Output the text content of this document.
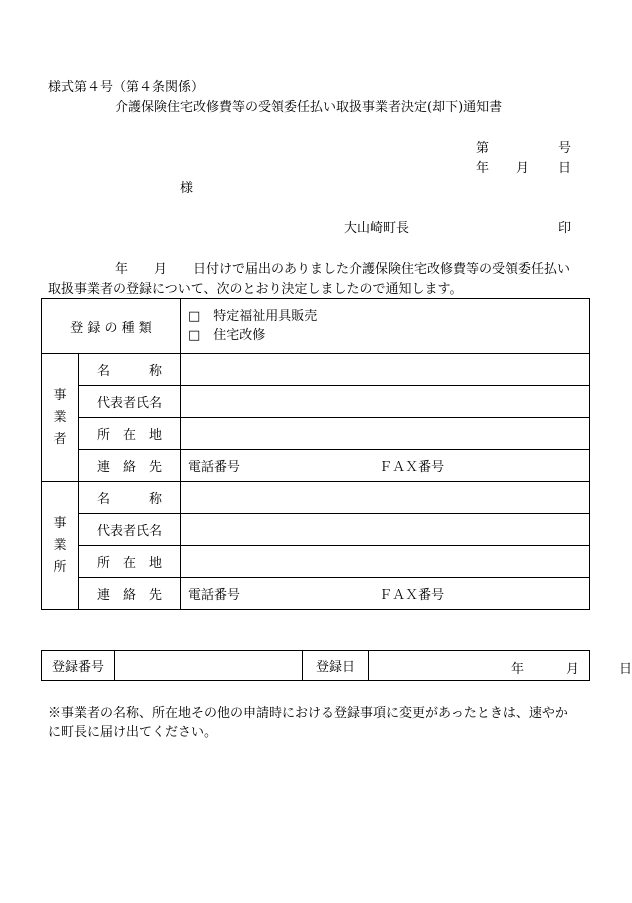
様式第４号（第４条関係）
介護保険住宅改修費等の受領委任払い取扱事業者決定(却下)通知書
第	号
年 月 日
様
大山崎町長	印
年　　月　　日付けで届出のありました介護保険住宅改修費等の受領委任払い
取扱事業者の登録について、次のとおり決定しましたので通知します。
登 録 の 種 類		□　特定福祉用具販売
□　住宅改修

事
業
者	名　　　称	
	代表者氏名	
	所　在　地	
	連　絡　先	電話番号 ＦＡＸ番号
事
業
所	名　　　称	
	代表者氏名	
	所　在　地	
	連　絡　先	電話番号 ＦＡＸ番号
登録番号		登録日	年	月	日
※事業者の名称、所在地その他の申請時における登録事項に変更があったときは、速やか
に町長に届け出てください。
